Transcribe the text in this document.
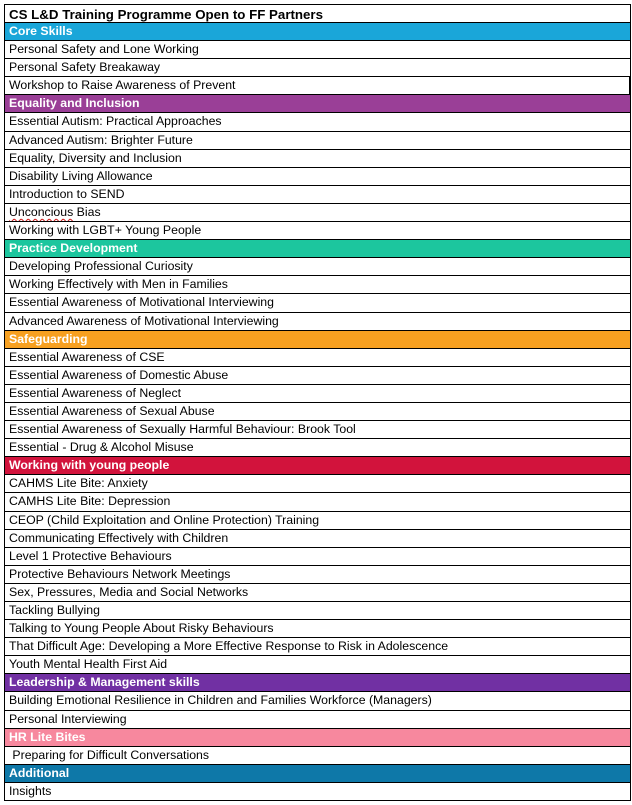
CS L&D Training Programme Open to FF Partners
Core Skills
Personal Safety and Lone Working
Personal Safety Breakaway
Workshop to Raise Awareness of Prevent
Equality and Inclusion
Essential Autism: Practical Approaches
Advanced Autism: Brighter Future
Equality, Diversity and Inclusion
Disability Living Allowance
Introduction to SEND
Unconcious Bias
Working with LGBT+ Young People
Practice Development
Developing Professional Curiosity
Working Effectively with Men in Families
Essential Awareness of Motivational Interviewing
Advanced Awareness of Motivational Interviewing
Safeguarding
Essential Awareness of CSE
Essential Awareness of Domestic Abuse
Essential Awareness of Neglect
Essential Awareness of Sexual Abuse
Essential Awareness of Sexually Harmful Behaviour: Brook Tool
Essential - Drug & Alcohol Misuse
Working with young people
CAHMS Lite Bite: Anxiety
CAMHS Lite Bite: Depression
CEOP (Child Exploitation and Online Protection) Training
Communicating Effectively with Children
Level 1 Protective Behaviours
Protective Behaviours Network Meetings
Sex, Pressures, Media and Social Networks
Tackling Bullying
Talking to Young People About Risky Behaviours
That Difficult Age: Developing a More Effective Response to Risk in Adolescence
Youth Mental Health First Aid
Leadership & Management skills
Building Emotional Resilience in Children and Families Workforce (Managers)
Personal Interviewing
HR Lite Bites
Preparing for Difficult Conversations
Additional
Insights
